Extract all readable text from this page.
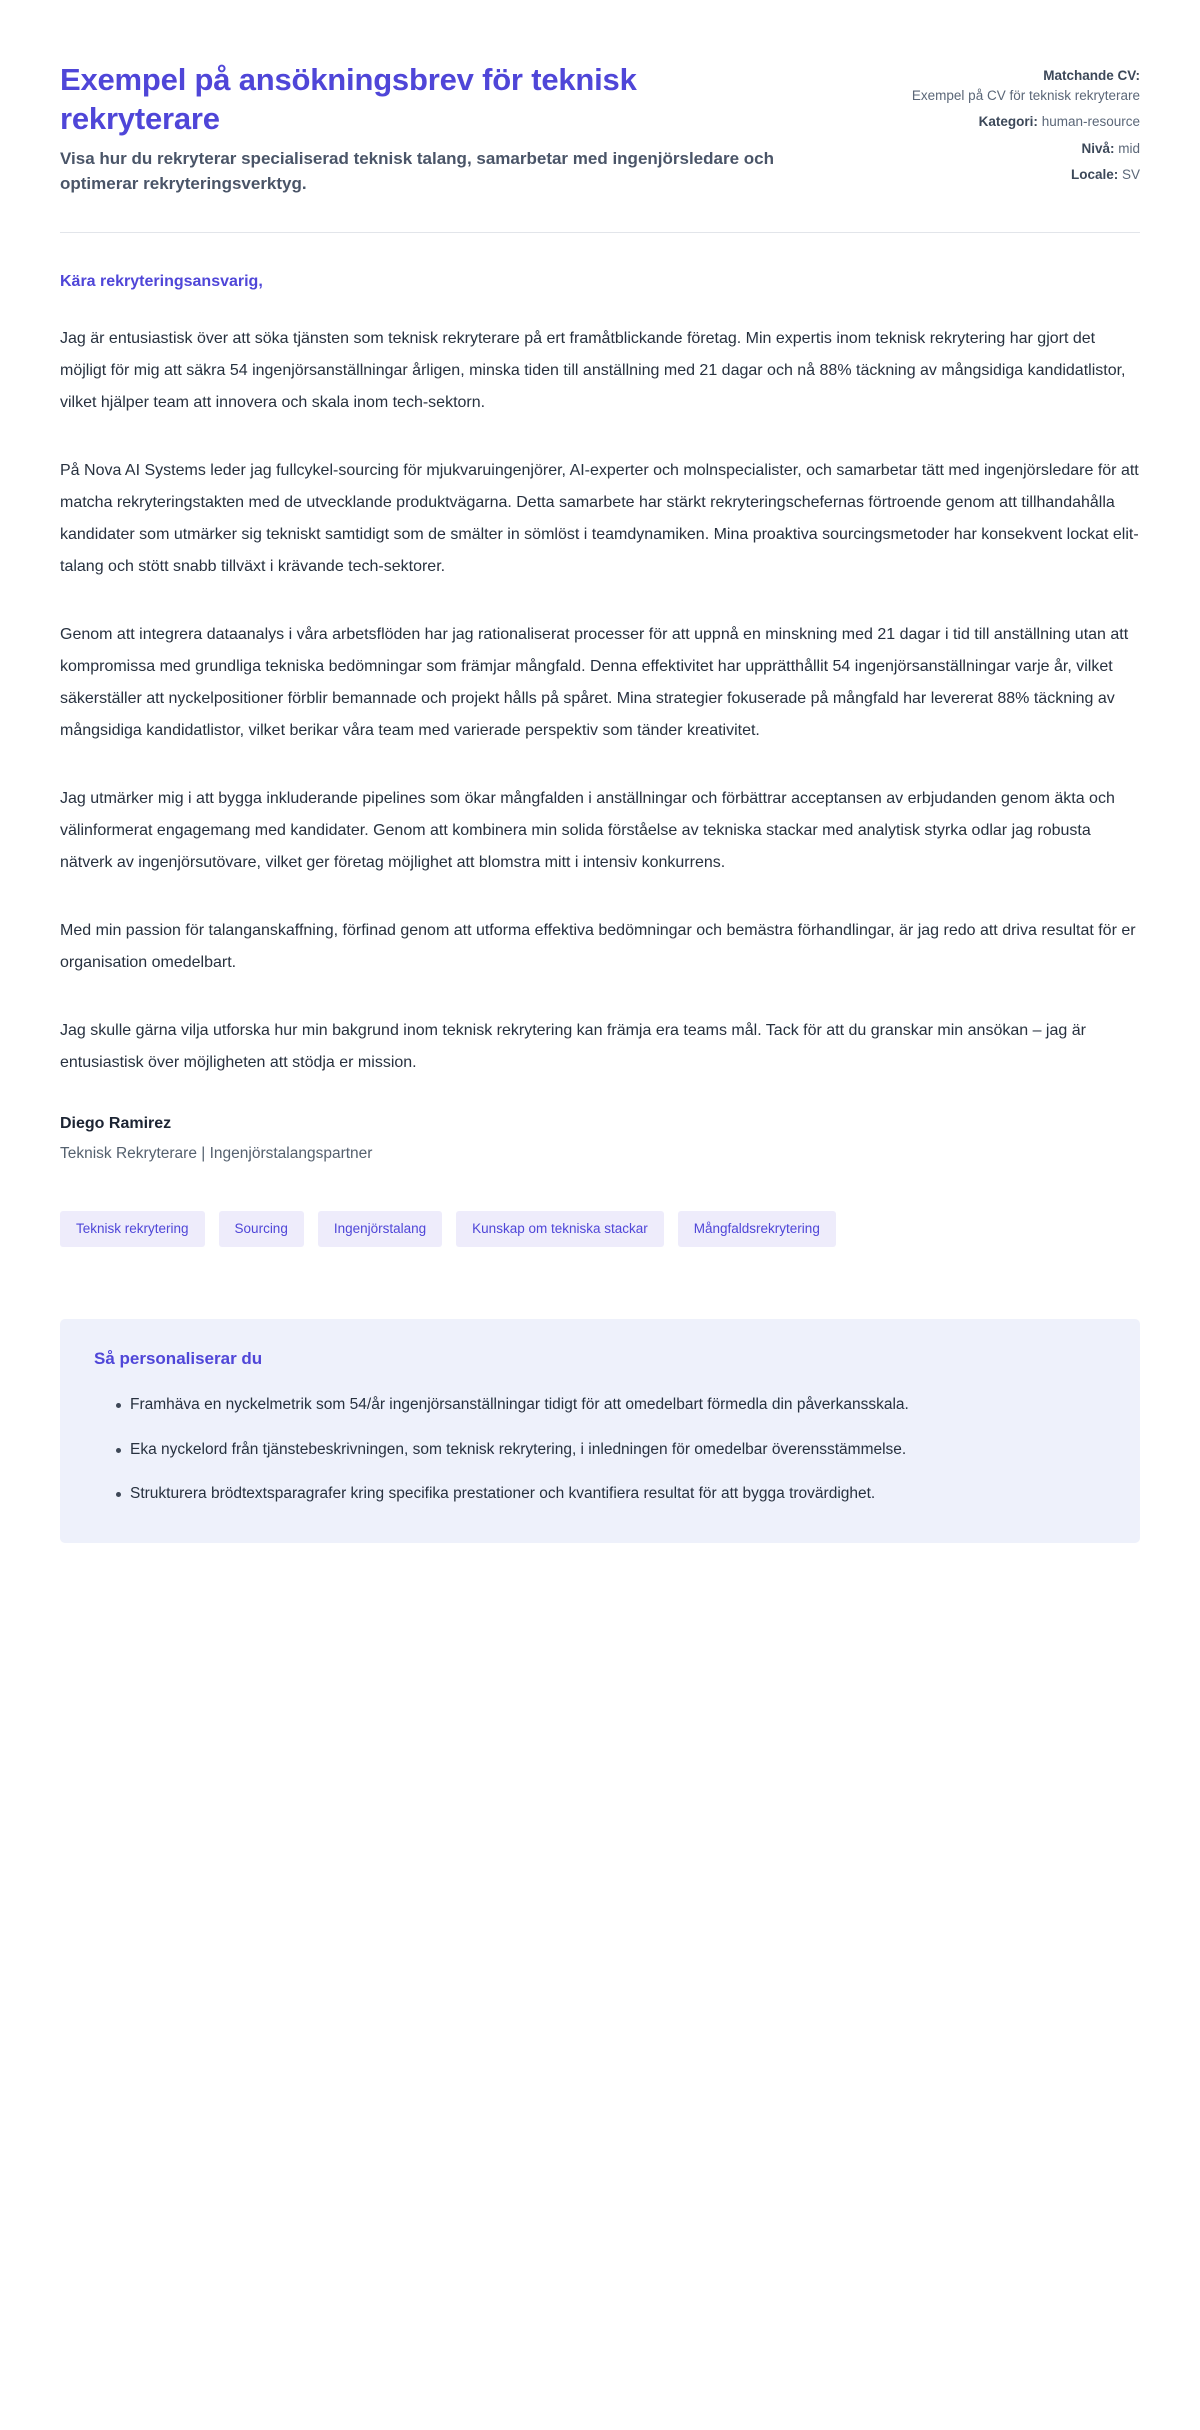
Exempel på ansökningsbrev för teknisk rekryterare

Visa hur du rekryterar specialiserad teknisk talang, samarbetar med ingenjörsledare och optimerar rekryteringsverktyg.

Matchande CV:
Exempel på CV för teknisk rekryterare
Kategori: human-resource
Nivå: mid
Locale: SV

Kära rekryteringsansvarig,

Jag är entusiastisk över att söka tjänsten som teknisk rekryterare på ert framåtblickande företag. Min expertis inom teknisk rekrytering har gjort det möjligt för mig att säkra 54 ingenjörsanställningar årligen, minska tiden till anställning med 21 dagar och nå 88% täckning av mångsidiga kandidatlistor, vilket hjälper team att innovera och skala inom tech-sektorn.

På Nova AI Systems leder jag fullcykel-sourcing för mjukvaruingenjörer, AI-experter och molnspecialister, och samarbetar tätt med ingenjörsledare för att matcha rekryteringstakten med de utvecklande produktvägarna. Detta samarbete har stärkt rekryteringschefernas förtroende genom att tillhandahålla kandidater som utmärker sig tekniskt samtidigt som de smälter in sömlöst i teamdynamiken. Mina proaktiva sourcingsmetoder har konsekvent lockat elit-talang och stött snabb tillväxt i krävande tech-sektorer.

Genom att integrera dataanalys i våra arbetsflöden har jag rationaliserat processer för att uppnå en minskning med 21 dagar i tid till anställning utan att kompromissa med grundliga tekniska bedömningar som främjar mångfald. Denna effektivitet har upprätthållit 54 ingenjörsanställningar varje år, vilket säkerställer att nyckelpositioner förblir bemannade och projekt hålls på spåret. Mina strategier fokuserade på mångfald har levererat 88% täckning av mångsidiga kandidatlistor, vilket berikar våra team med varierade perspektiv som tänder kreativitet.

Jag utmärker mig i att bygga inkluderande pipelines som ökar mångfalden i anställningar och förbättrar acceptansen av erbjudanden genom äkta och välinformerat engagemang med kandidater. Genom att kombinera min solida förståelse av tekniska stackar med analytisk styrka odlar jag robusta nätverk av ingenjörsutövare, vilket ger företag möjlighet att blomstra mitt i intensiv konkurrens.

Med min passion för talanganskaffning, förfinad genom att utforma effektiva bedömningar och bemästra förhandlingar, är jag redo att driva resultat för er organisation omedelbart.

Jag skulle gärna vilja utforska hur min bakgrund inom teknisk rekrytering kan främja era teams mål. Tack för att du granskar min ansökan – jag är entusiastisk över möjligheten att stödja er mission.

Diego Ramirez

Teknisk Rekryterare | Ingenjörstalangspartner

Teknisk rekrytering	Sourcing	Ingenjörstalang	Kunskap om tekniska stackar	Mångfaldsrekrytering
Så personaliserar du
Framhäva en nyckelmetrik som 54/år ingenjörsanställningar tidigt för att omedelbart förmedla din påverkansskala.
Eka nyckelord från tjänstebeskrivningen, som teknisk rekrytering, i inledningen för omedelbar överensstämmelse.
Strukturera brödtextsparagrafer kring specifika prestationer och kvantifiera resultat för att bygga trovärdighet.
